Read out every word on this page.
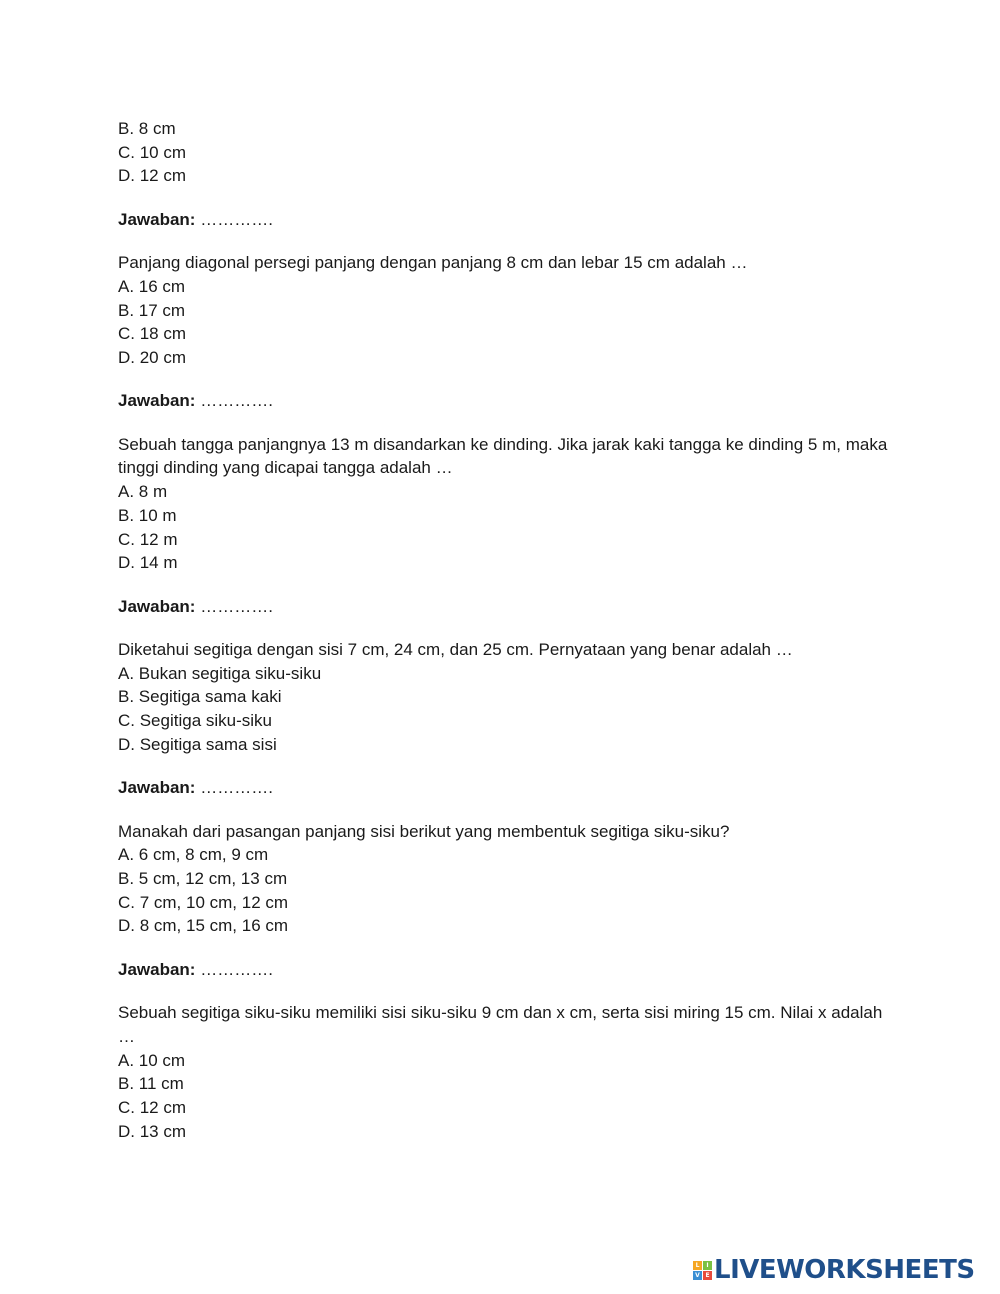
B. 8 cm
C. 10 cm
D. 12 cm
Jawaban: ………….
Panjang diagonal persegi panjang dengan panjang 8 cm dan lebar 15 cm adalah …
A. 16 cm
B. 17 cm
C. 18 cm
D. 20 cm
Jawaban: ………….
Sebuah tangga panjangnya 13 m disandarkan ke dinding. Jika jarak kaki tangga ke dinding 5 m, maka tinggi dinding yang dicapai tangga adalah …
A. 8 m
B. 10 m
C. 12 m
D. 14 m
Jawaban: ………….
Diketahui segitiga dengan sisi 7 cm, 24 cm, dan 25 cm. Pernyataan yang benar adalah …
A. Bukan segitiga siku-siku
B. Segitiga sama kaki
C. Segitiga siku-siku
D. Segitiga sama sisi
Jawaban: ………….
Manakah dari pasangan panjang sisi berikut yang membentuk segitiga siku-siku?
A. 6 cm, 8 cm, 9 cm
B. 5 cm, 12 cm, 13 cm
C. 7 cm, 10 cm, 12 cm
D. 8 cm, 15 cm, 16 cm
Jawaban: ………….
Sebuah segitiga siku-siku memiliki sisi siku-siku 9 cm dan x cm, serta sisi miring 15 cm. Nilai x adalah …
A. 10 cm
B. 11 cm
C. 12 cm
D. 13 cm
L	I
V E LIVEWORKSHEETS
